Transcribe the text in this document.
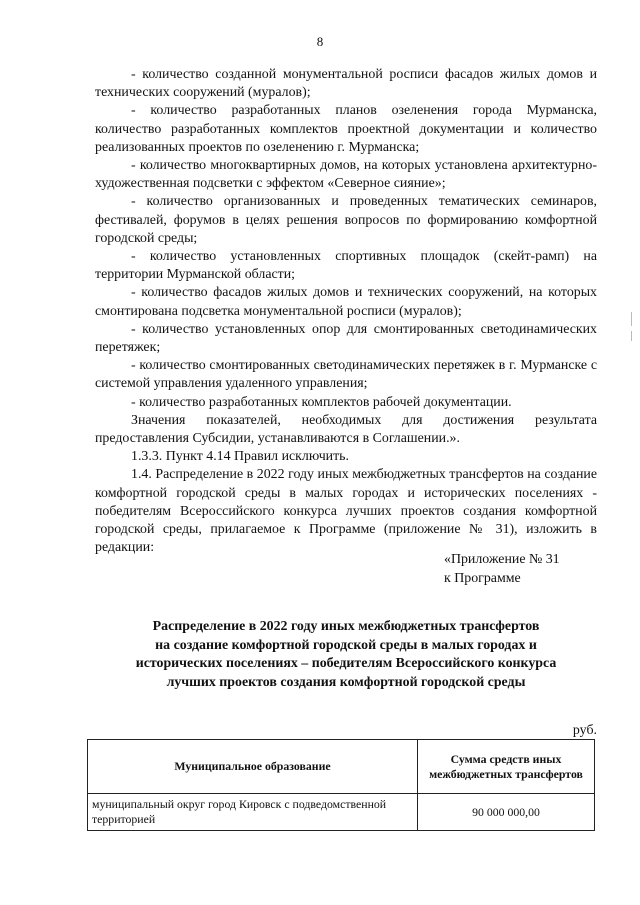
8

- количество созданной монументальной росписи фасадов жилых домов и технических сооружений (муралов);

- количество разработанных планов озеленения города Мурманска, количество разработанных комплектов проектной документации и количество реализованных проектов по озеленению г. Мурманска;

- количество многоквартирных домов, на которых установлена архитектурно-художественная подсветки с эффектом «Северное сияние»;

- количество организованных и проведенных тематических семинаров, фестивалей, форумов в целях решения вопросов по формированию комфортной городской среды;

- количество установленных спортивных площадок (скейт-рамп) на территории Мурманской области;

- количество фасадов жилых домов и технических сооружений, на которых смонтирована подсветка монументальной росписи (муралов);

- количество установленных опор для смонтированных светодинамических перетяжек;

- количество смонтированных светодинамических перетяжек в г. Мурманске с системой управления удаленного управления;

- количество разработанных комплектов рабочей документации.

Значения показателей, необходимых для достижения результата предоставления Субсидии, устанавливаются в Соглашении.».

1.3.3. Пункт 4.14 Правил исключить.

1.4. Распределение в 2022 году иных межбюджетных трансфертов на создание комфортной городской среды в малых городах и исторических поселениях - победителям Всероссийского конкурса лучших проектов создания комфортной городской среды, прилагаемое к Программе (приложение № 31), изложить в редакции:

«Приложение № 31
к Программе
Распределение в 2022 году иных межбюджетных трансфертов
на создание комфортной городской среды в малых городах и
исторических поселениях – победителям Всероссийского конкурса
лучших проектов создания комфортной городской среды
руб.
Муниципальное образование	Сумма средств иных межбюджетных трансфертов
муниципальный округ город Кировск с подведомственной территорией	90 000 000,00
